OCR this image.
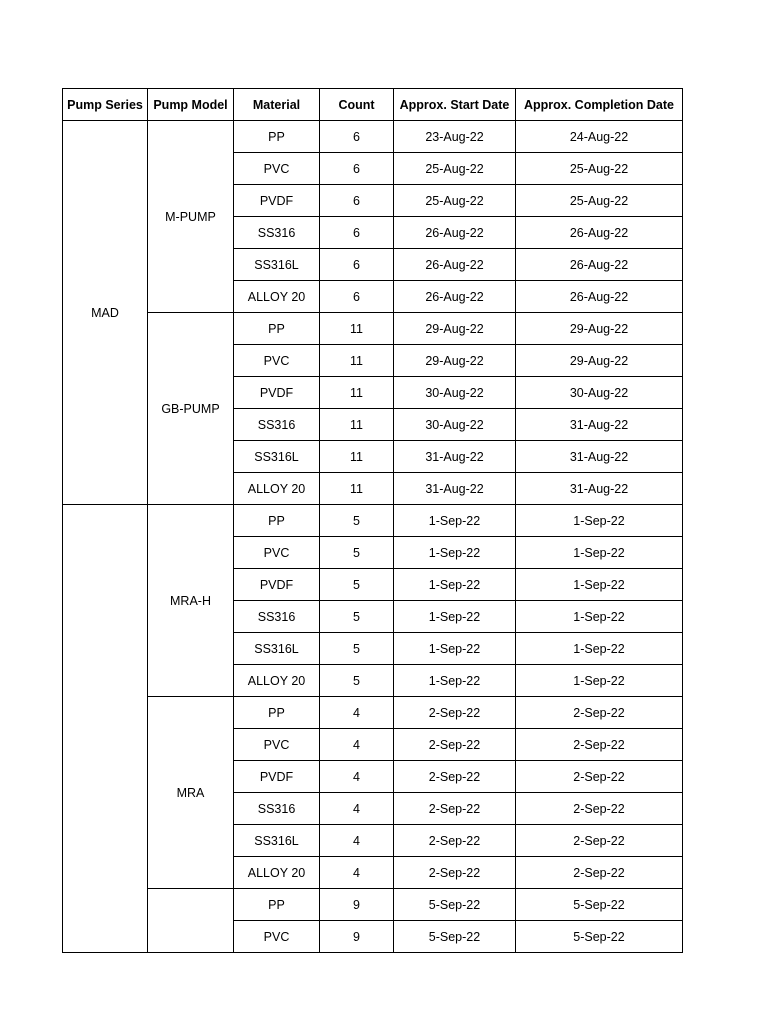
Pump Series	Pump Model	Material	Count	Approx. Start Date	Approx. Completion Date
MAD	M-PUMP	PP	6	23-Aug-22	24-Aug-22
		PVC	6	25-Aug-22	25-Aug-22
		PVDF	6	25-Aug-22	25-Aug-22
		SS316	6	26-Aug-22	26-Aug-22
		SS316L	6	26-Aug-22	26-Aug-22
		ALLOY 20	6	26-Aug-22	26-Aug-22
	GB-PUMP	PP	11	29-Aug-22	29-Aug-22
		PVC	11	29-Aug-22	29-Aug-22
		PVDF	11	30-Aug-22	30-Aug-22
		SS316	11	30-Aug-22	31-Aug-22
		SS316L	11	31-Aug-22	31-Aug-22
		ALLOY 20	11	31-Aug-22	31-Aug-22
	MRA-H	PP	5	1-Sep-22	1-Sep-22
		PVC	5	1-Sep-22	1-Sep-22
		PVDF	5	1-Sep-22	1-Sep-22
		SS316	5	1-Sep-22	1-Sep-22
		SS316L	5	1-Sep-22	1-Sep-22
		ALLOY 20	5	1-Sep-22	1-Sep-22
	MRA	PP	4	2-Sep-22	2-Sep-22
		PVC	4	2-Sep-22	2-Sep-22
		PVDF	4	2-Sep-22	2-Sep-22
		SS316	4	2-Sep-22	2-Sep-22
		SS316L	4	2-Sep-22	2-Sep-22
		ALLOY 20	4	2-Sep-22	2-Sep-22
		PP	9	5-Sep-22	5-Sep-22
		PVC	9	5-Sep-22	5-Sep-22
